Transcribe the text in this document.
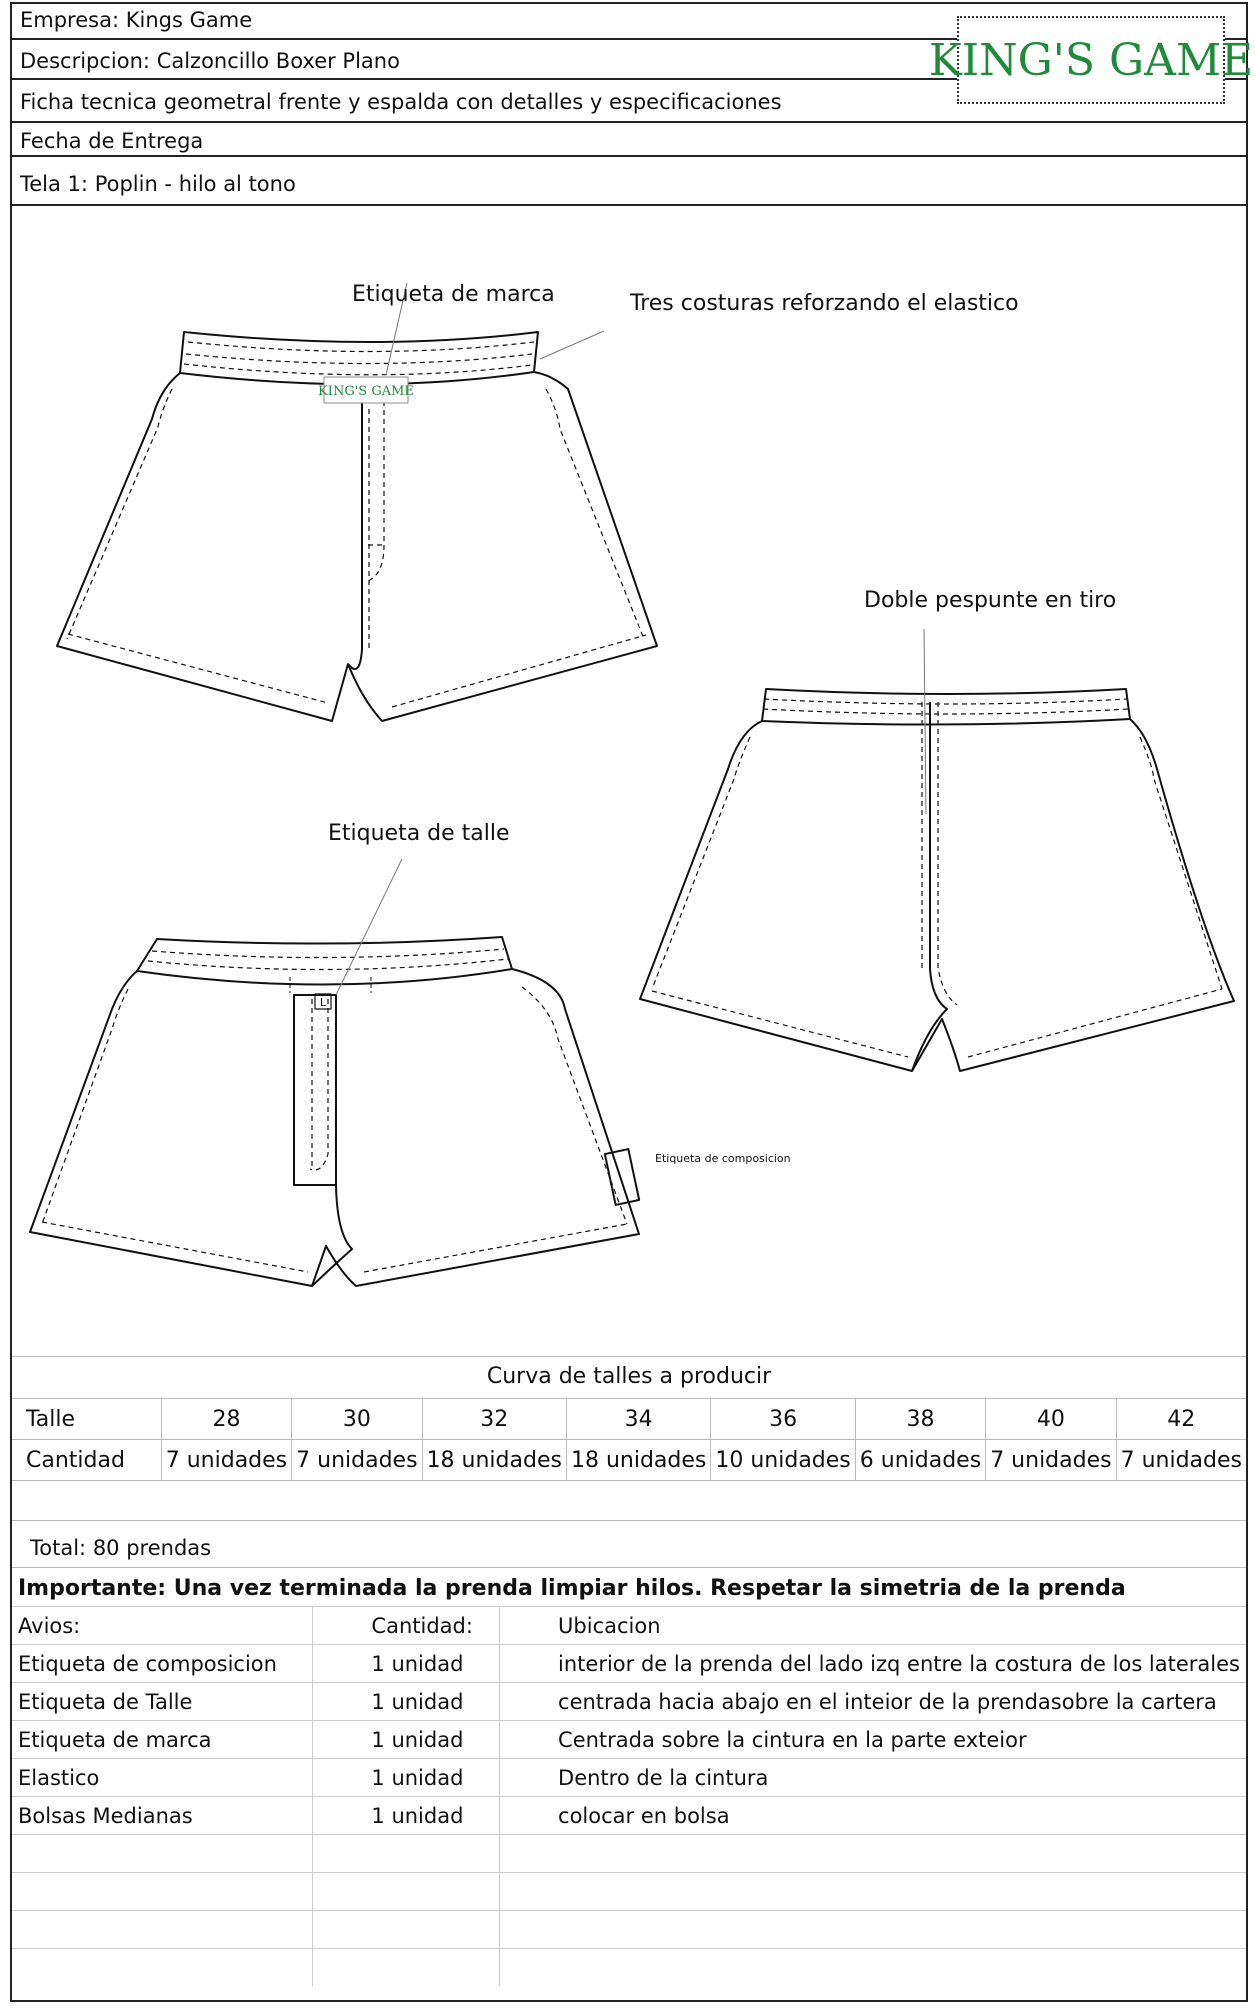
Empresa: Kings Game
Descripcion: Calzoncillo Boxer Plano
Ficha tecnica geometral frente y espalda con detalles y especificaciones
Fecha de Entrega
Tela 1: Poplin - hilo al tono
KING'S GAME
KING'S GAME
L
Etiqueta de marca	Tres costuras reforzando el elastico
Doble pespunte en tiro
Etiqueta de talle
Etiqueta de composicion
Curva de talles a producir
Talle	28	30	32	34	36	38	40	42
Cantidad	7 unidades	7 unidades	18 unidades	18 unidades	10 unidades	6 unidades	7 unidades	7 unidades
Total: 80 prendas
Importante: Una vez terminada la prenda limpiar hilos. Respetar la simetria de la prenda
Avios:	Cantidad:	Ubicacion
Etiqueta de composicion	1 unidad	interior de la prenda del lado izq entre la costura de los laterales
Etiqueta de Talle	1 unidad	centrada hacia abajo en el inteior de la prendasobre la cartera
Etiqueta de marca	1 unidad	Centrada sobre la cintura en la parte exteior
Elastico	1 unidad	Dentro de la cintura
Bolsas Medianas	1 unidad	colocar en bolsa
